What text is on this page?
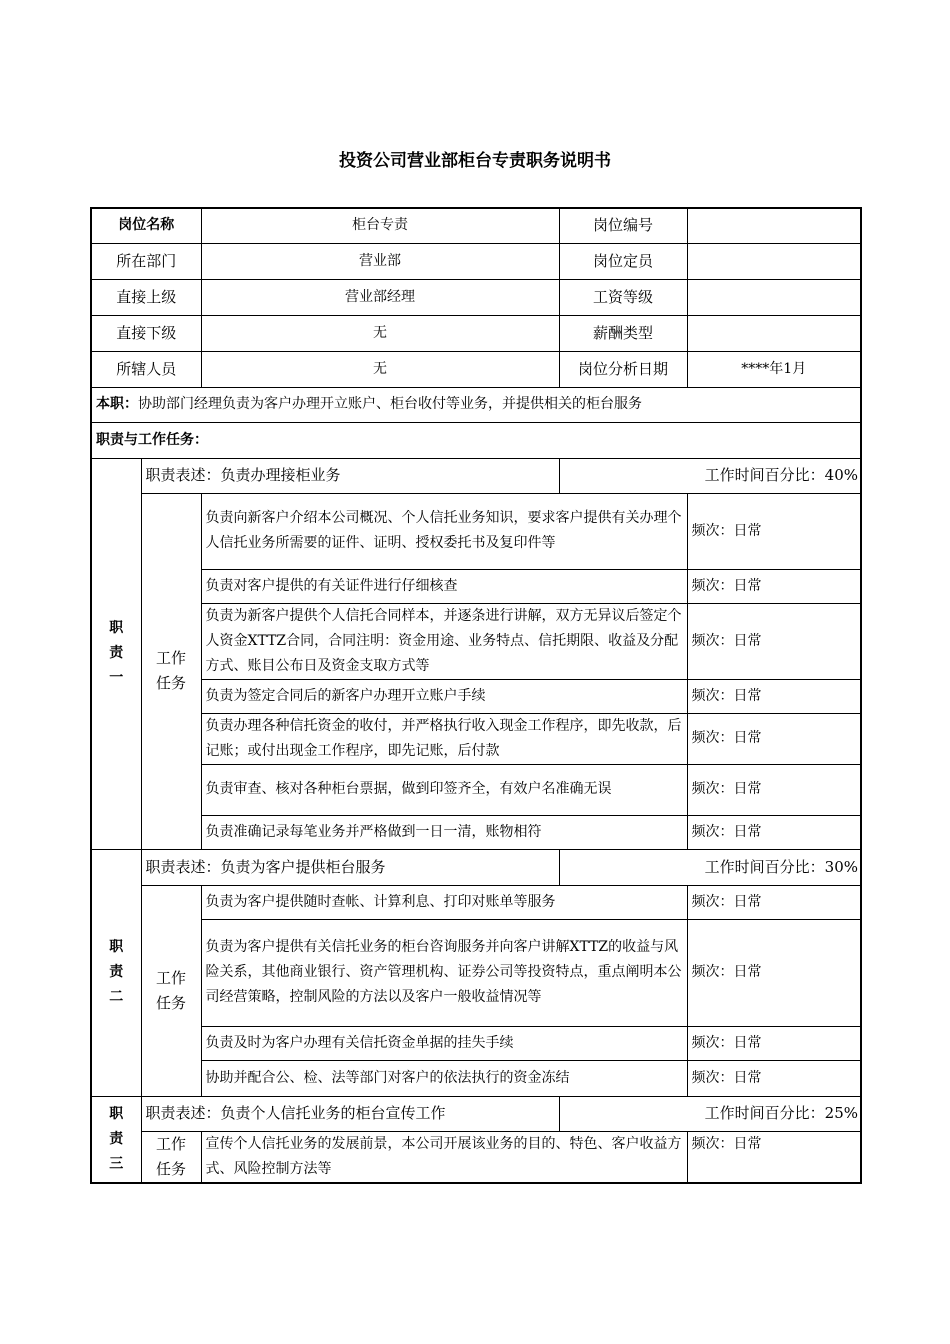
投资公司营业部柜台专责职务说明书
岗位名称		柜台专责	岗位编号	
所在部门		营业部	岗位定员	
直接上级		营业部经理	工资等级	
直接下级		无	薪酬类型	
所辖人员		无	岗位分析日期	****年1月
本职：协助部门经理负责为客户办理开立账户、柜台收付等业务，并提供相关的柜台服务				
职责与工作任务：				
职责一	职责表述：负责办理接柜业务		工作时间百分比：40%	
	工作任务	负责向新客户介绍本公司概况、个人信托业务知识，要求客户提供有关办理个人信托业务所需要的证件、证明、授权委托书及复印件等		频次：日常
		负责对客户提供的有关证件进行仔细核查		频次：日常
		负责为新客户提供个人信托合同样本，并逐条进行讲解，双方无异议后签定个人资金XTTZ合同，合同注明：资金用途、业务特点、信托期限、收益及分配方式、账目公布日及资金支取方式等		频次：日常
		负责为签定合同后的新客户办理开立账户手续		频次：日常
		负责办理各种信托资金的收付，并严格执行收入现金工作程序，即先收款，后记账；或付出现金工作程序，即先记账，后付款		频次：日常
		负责审查、核对各种柜台票据，做到印签齐全，有效户名准确无误		频次：日常
		负责准确记录每笔业务并严格做到一日一清，账物相符		频次：日常
职责二	职责表述：负责为客户提供柜台服务		工作时间百分比：30%	
	工作任务	负责为客户提供随时查帐、计算利息、打印对账单等服务		频次：日常
		负责为客户提供有关信托业务的柜台咨询服务并向客户讲解XTTZ的收益与风险关系，其他商业银行、资产管理机构、证券公司等投资特点，重点阐明本公司经营策略，控制风险的方法以及客户一般收益情况等		频次：日常
		负责及时为客户办理有关信托资金单据的挂失手续		频次：日常
		协助并配合公、检、法等部门对客户的依法执行的资金冻结		频次：日常
职责三	职责表述：负责个人信托业务的柜台宣传工作		工作时间百分比：25%	
	工作任务	宣传个人信托业务的发展前景，本公司开展该业务的目的、特色、客户收益方式、风险控制方法等		频次：日常
